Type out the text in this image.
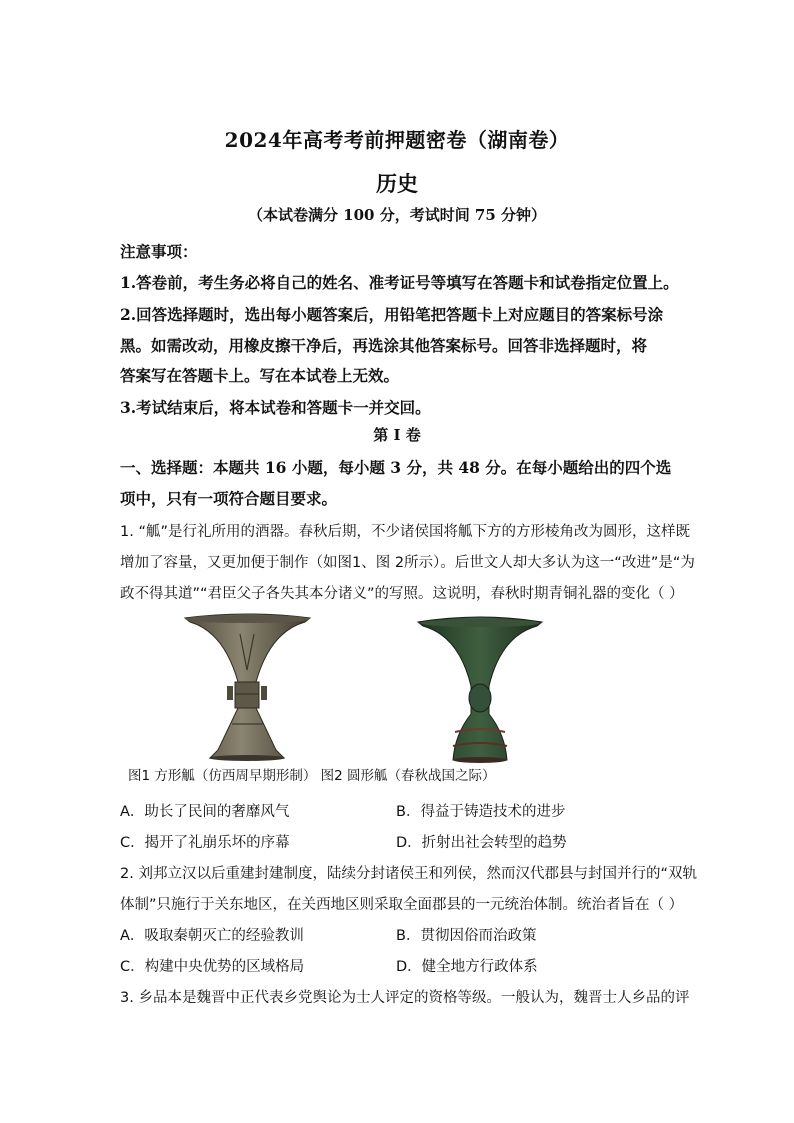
2024年高考考前押题密卷（湖南卷）
历史
（本试卷满分 100 分，考试时间 75 分钟）
注意事项：
1.答卷前，考生务必将自己的姓名、准考证号等填写在答题卡和试卷指定位置上。
2.回答选择题时，选出每小题答案后，用铅笔把答题卡上对应题目的答案标号涂
黑。如需改动，用橡皮擦干净后，再选涂其他答案标号。回答非选择题时，将
答案写在答题卡上。写在本试卷上无效。
3.考试结束后，将本试卷和答题卡一并交回。
第 I 卷
一、选择题：本题共 16 小题，每小题 3 分，共 48 分。在每小题给出的四个选
项中，只有一项符合题目要求。
1. “觚”是行礼所用的酒器。春秋后期，不少诸侯国将觚下方的方形棱角改为圆形，这样既
增加了容量，又更加便于制作（如图1、图 2所示）。后世文人却大多认为这一“改进”是“为
政不得其道”“君臣父子各失其本分诸义”的写照。这说明，春秋时期青铜礼器的变化（ ）
图1 方形觚（仿西周早期形制） 图2 圆形觚（春秋战国之际）
A．助长了民间的奢靡风气	B．得益于铸造技术的进步
C．揭开了礼崩乐坏的序幕	D．折射出社会转型的趋势
2. 刘邦立汉以后重建封建制度，陆续分封诸侯王和列侯，然而汉代郡县与封国并行的“双轨
体制”只施行于关东地区，在关西地区则采取全面郡县的一元统治体制。统治者旨在（ ）
A．吸取秦朝灭亡的经验教训	B．贯彻因俗而治政策
C．构建中央优势的区域格局	D．健全地方行政体系
3. 乡品本是魏晋中正代表乡党舆论为士人评定的资格等级。一般认为，魏晋士人乡品的评
